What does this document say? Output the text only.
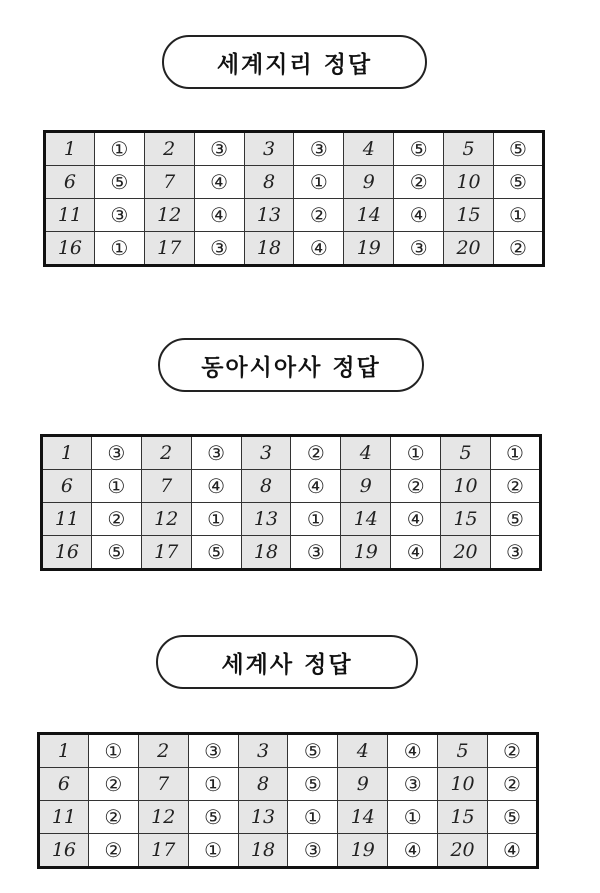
세계지리 정답
1	①	2	③	3	③	4	⑤	5	⑤
6	⑤	7	④	8	①	9	②	10	⑤
11	③	12	④	13	②	14	④	15	①
16	①	17	③	18	④	19	③	20	②
동아시아사 정답
1	③	2	③	3	②	4	①	5	①
6	①	7	④	8	④	9	②	10	②
11	②	12	①	13	①	14	④	15	⑤
16	⑤	17	⑤	18	③	19	④	20	③
세계사 정답
1	①	2	③	3	⑤	4	④	5	②
6	②	7	①	8	⑤	9	③	10	②
11	②	12	⑤	13	①	14	①	15	⑤
16	②	17	①	18	③	19	④	20	④
